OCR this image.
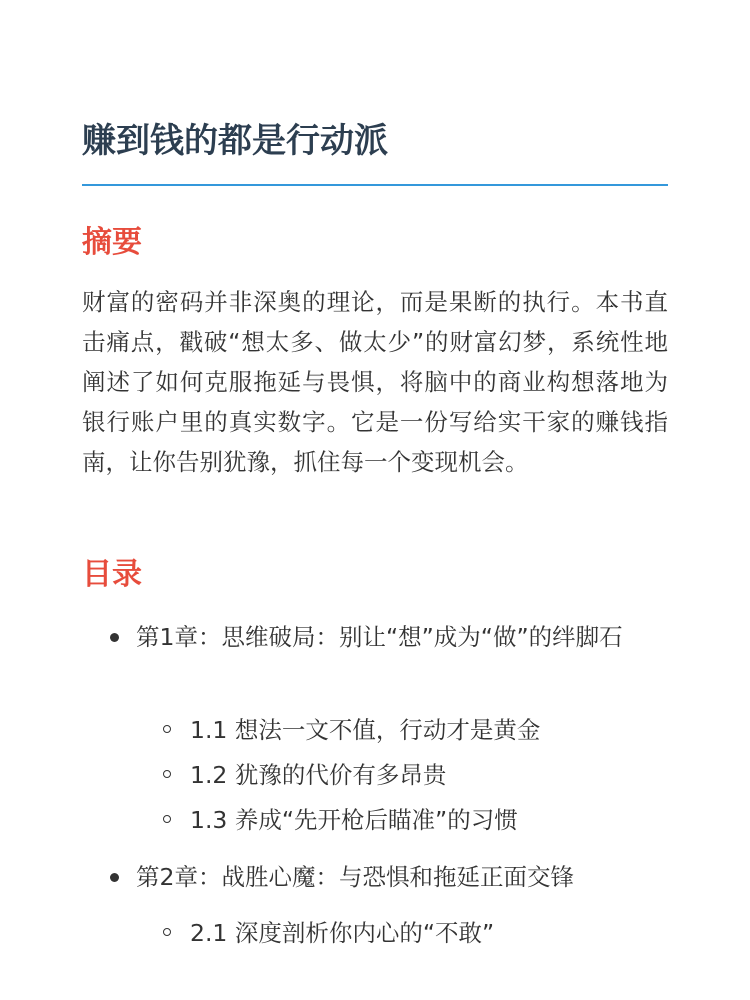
赚到钱的都是行动派
摘要

财富的密码并非深奥的理论，而是果断的执行。本书直击痛点，戳破“想太多、做太少”的财富幻梦，系统性地阐述了如何克服拖延与畏惧，将脑中的商业构想落地为银行账户里的真实数字。它是一份写给实干家的赚钱指南，让你告别犹豫，抓住每一个变现机会。

目录
第1章：思维破局：别让“想”成为“做”的绊脚石
1.1 想法一文不值，行动才是黄金
1.2 犹豫的代价有多昂贵
1.3 养成“先开枪后瞄准”的习惯
第2章：战胜心魔：与恐惧和拖延正面交锋
2.1 深度剖析你内心的“不敢”
